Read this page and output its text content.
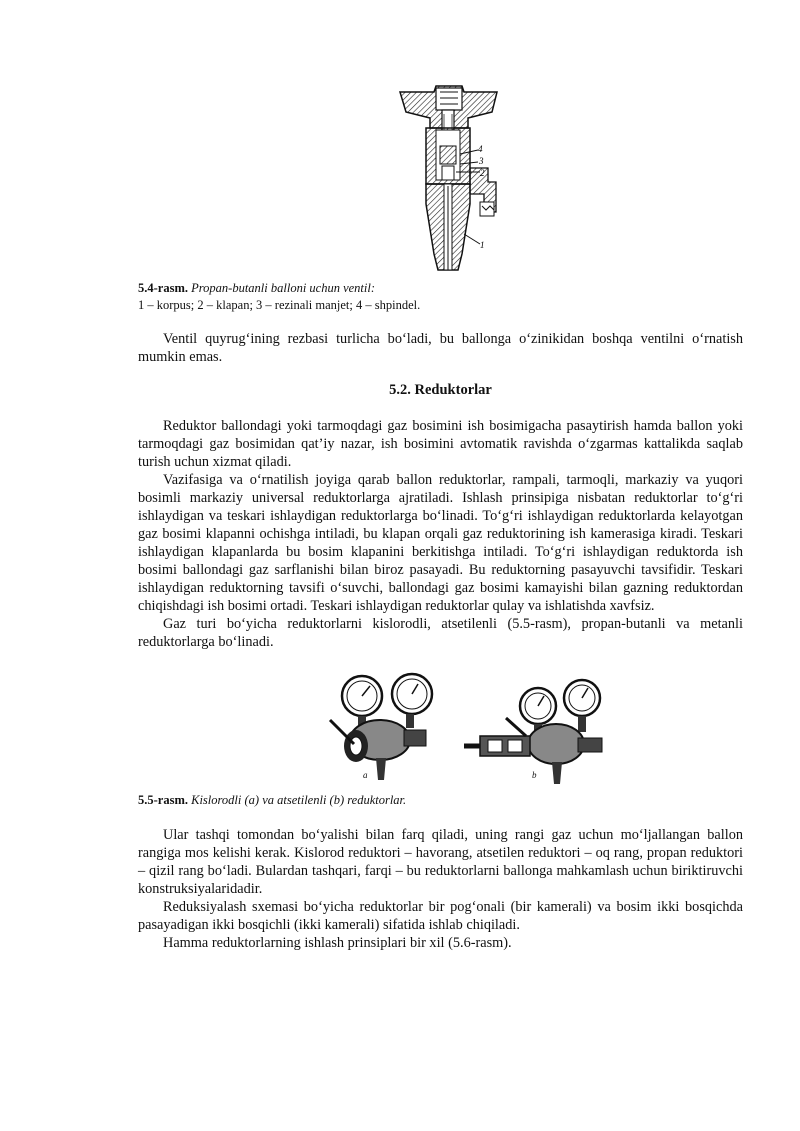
4
3
2
1
5.4-rasm. Propan-butanli balloni uchun ventil:
1 – korpus; 2 – klapan; 3 – rezinali manjet; 4 – shpindel.

Ventil quyrug‘ining rezbasi turlicha bo‘ladi, bu ballonga o‘zinikidan boshqa ventilni o‘rnatish mumkin emas.

5.2. Reduktorlar

Reduktor ballondagi yoki tarmoqdagi gaz bosimini ish bosimigacha pasaytirish hamda ballon yoki tarmoqdagi gaz bosimidan qat’iy nazar, ish bosimini avtomatik ravishda o‘zgarmas kattalikda saqlab turish uchun xizmat qiladi.

Vazifasiga va o‘rnatilish joyiga qarab ballon reduktorlar, rampali, tarmoqli, markaziy va yuqori bosimli markaziy universal reduktorlarga ajratiladi. Ishlash prinsipiga nisbatan reduktorlar to‘g‘ri ishlaydigan va teskari ishlaydigan reduktorlarga bo‘linadi. To‘g‘ri ishlaydigan reduktorlarda kelayotgan gaz bosimi klapanni ochishga intiladi, bu klapan orqali gaz reduktorining ish kamerasiga kiradi. Teskari ishlaydigan klapanlarda bu bosim klapanini berkitishga intiladi. To‘g‘ri ishlaydigan reduktorda ish bosimi ballondagi gaz sarflanishi bilan biroz pasayadi. Bu reduktorning pasayuvchi tavsifidir. Teskari ishlaydigan reduktorning tavsifi o‘suvchi, ballondagi gaz bosimi kamayishi bilan gazning reduktordan chiqishdagi ish bosimi ortadi. Teskari ishlaydigan reduktorlar qulay va ishlatishda xavfsiz.

Gaz turi bo‘yicha reduktorlarni kislorodli, atsetilenli (5.5-rasm), propan-butanli va metanli reduktorlarga bo‘linadi.

a	b
5.5-rasm. Kislorodli (a) va atsetilenli (b) reduktorlar.

Ular tashqi tomondan bo‘yalishi bilan farq qiladi, uning rangi gaz uchun mo‘ljallangan ballon rangiga mos kelishi kerak. Kislorod reduktori – havorang, atsetilen reduktori – oq rang, propan reduktori – qizil rang bo‘ladi. Bulardan tashqari, farqi – bu reduktorlarni ballonga mahkamlash uchun biriktiruvchi konstruksiyalaridadir.

Reduksiyalash sxemasi bo‘yicha reduktorlar bir pog‘onali (bir kamerali) va bosim ikki bosqichda pasayadigan ikki bosqichli (ikki kamerali) sifatida ishlab chiqiladi.

Hamma reduktorlarning ishlash prinsiplari bir xil (5.6-rasm).
